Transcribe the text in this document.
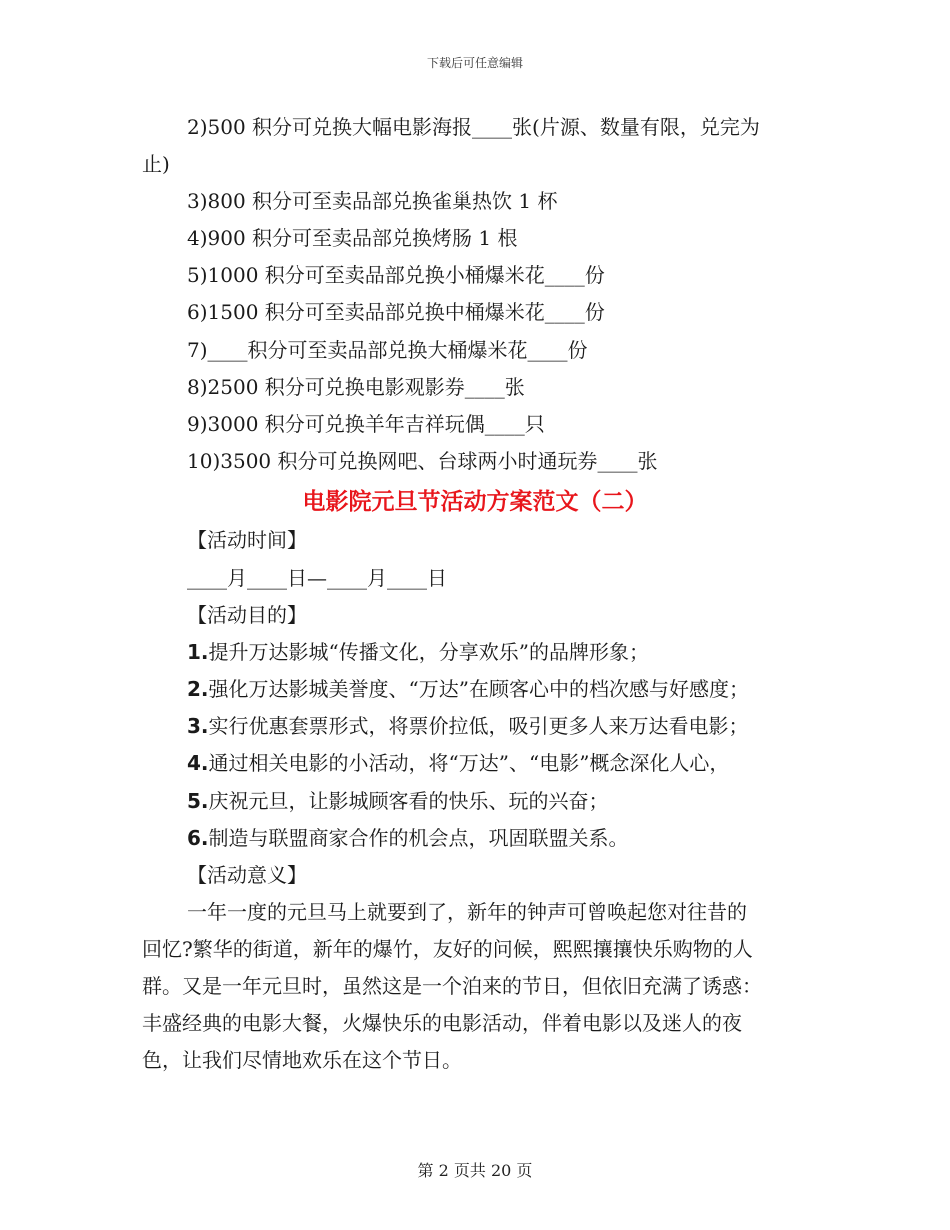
下载后可任意编辑
2)500 积分可兑换大幅电影海报____张(片源、数量有限，兑完为
止)
3)800 积分可至卖品部兑换雀巢热饮 1 杯
4)900 积分可至卖品部兑换烤肠 1 根
5)1000 积分可至卖品部兑换小桶爆米花____份
6)1500 积分可至卖品部兑换中桶爆米花____份
7)____积分可至卖品部兑换大桶爆米花____份
8)2500 积分可兑换电影观影券____张
9)3000 积分可兑换羊年吉祥玩偶____只
10)3500 积分可兑换网吧、台球两小时通玩券____张
电影院元旦节活动方案范文（二）
【活动时间】
____月____日—____月____日
【活动目的】
1.提升万达影城“传播文化，分享欢乐”的品牌形象；
2.强化万达影城美誉度、“万达”在顾客心中的档次感与好感度；
3.实行优惠套票形式，将票价拉低，吸引更多人来万达看电影；
4.通过相关电影的小活动，将“万达”、“电影”概念深化人心，
5.庆祝元旦，让影城顾客看的快乐、玩的兴奋；
6.制造与联盟商家合作的机会点，巩固联盟关系。
【活动意义】
一年一度的元旦马上就要到了，新年的钟声可曾唤起您对往昔的
回忆?繁华的街道，新年的爆竹，友好的问候，熙熙攘攘快乐购物的人
群。又是一年元旦时，虽然这是一个泊来的节日，但依旧充满了诱惑：
丰盛经典的电影大餐，火爆快乐的电影活动，伴着电影以及迷人的夜
色，让我们尽情地欢乐在这个节日。
第 2 页共 20 页
